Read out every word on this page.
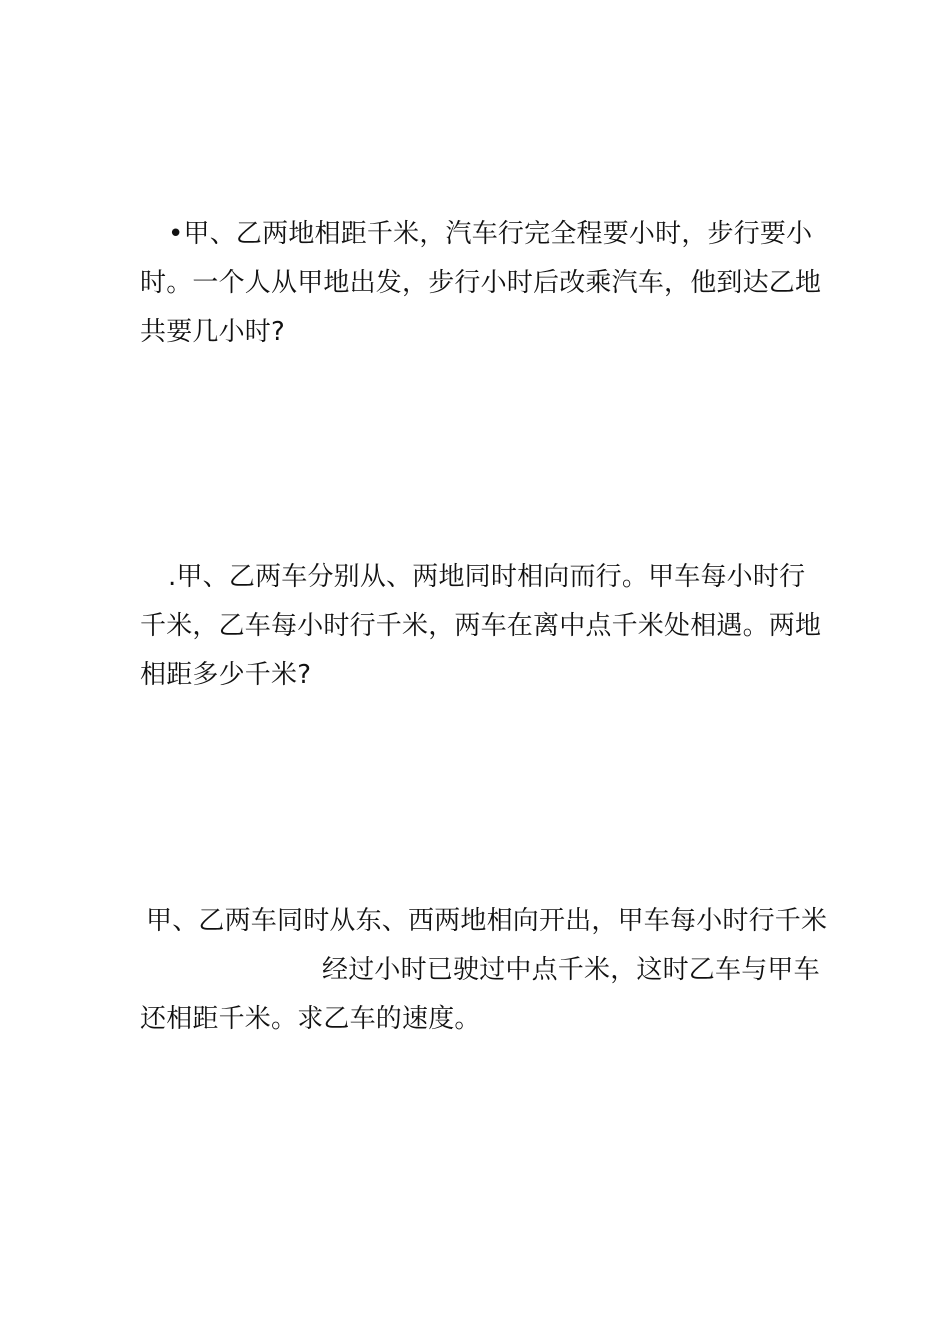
•甲、乙两地相距千米，汽车行完全程要小时，步行要小
时。一个人从甲地出发，步行小时后改乘汽车，他到达乙地
共要几小时?
.甲、乙两车分别从、两地同时相向而行。甲车每小时行
千米，乙车每小时行千米，两车在离中点千米处相遇。两地
相距多少千米?
甲、乙两车同时从东、西两地相向开出，甲车每小时行千米
经过小时已驶过中点千米，这时乙车与甲车
还相距千米。求乙车的速度。
